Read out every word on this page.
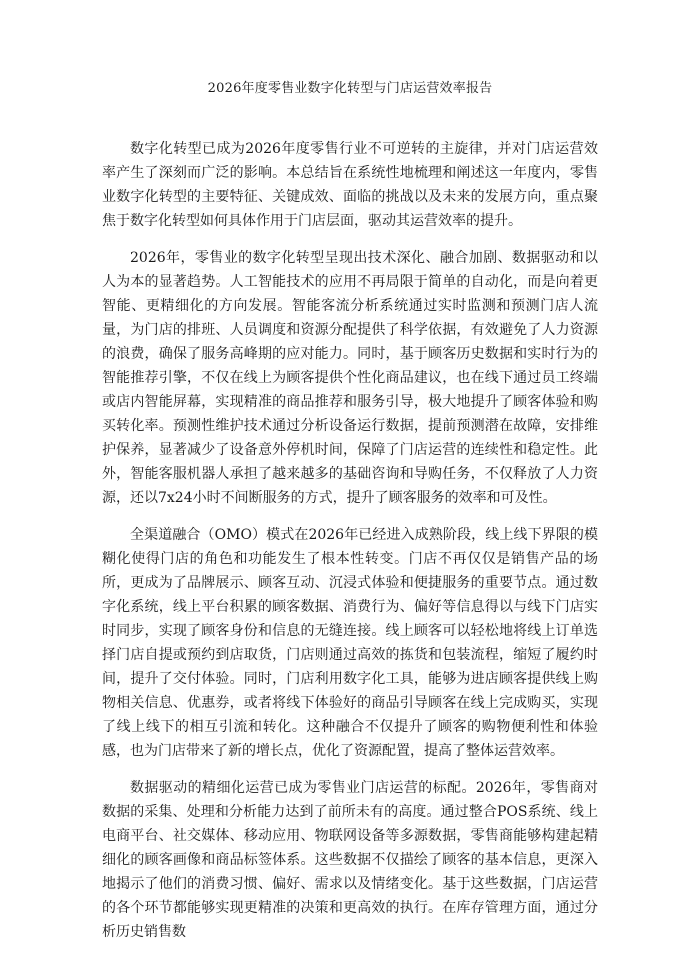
2026年度零售业数字化转型与门店运营效率报告

数字化转型已成为2026年度零售行业不可逆转的主旋律，并对门店运营效率产生了深刻而广泛的影响。本总结旨在系统性地梳理和阐述这一年度内，零售业数字化转型的主要特征、关键成效、面临的挑战以及未来的发展方向，重点聚焦于数字化转型如何具体作用于门店层面，驱动其运营效率的提升。

2026年，零售业的数字化转型呈现出技术深化、融合加剧、数据驱动和以人为本的显著趋势。人工智能技术的应用不再局限于简单的自动化，而是向着更智能、更精细化的方向发展。智能客流分析系统通过实时监测和预测门店人流量，为门店的排班、人员调度和资源分配提供了科学依据，有效避免了人力资源的浪费，确保了服务高峰期的应对能力。同时，基于顾客历史数据和实时行为的智能推荐引擎，不仅在线上为顾客提供个性化商品建议，也在线下通过员工终端或店内智能屏幕，实现精准的商品推荐和服务引导，极大地提升了顾客体验和购买转化率。预测性维护技术通过分析设备运行数据，提前预测潜在故障，安排维护保养，显著减少了设备意外停机时间，保障了门店运营的连续性和稳定性。此外，智能客服机器人承担了越来越多的基础咨询和导购任务，不仅释放了人力资源，还以7x24小时不间断服务的方式，提升了顾客服务的效率和可及性。

全渠道融合（OMO）模式在2026年已经进入成熟阶段，线上线下界限的模糊化使得门店的角色和功能发生了根本性转变。门店不再仅仅是销售产品的场所，更成为了品牌展示、顾客互动、沉浸式体验和便捷服务的重要节点。通过数字化系统，线上平台积累的顾客数据、消费行为、偏好等信息得以与线下门店实时同步，实现了顾客身份和信息的无缝连接。线上顾客可以轻松地将线上订单选择门店自提或预约到店取货，门店则通过高效的拣货和包装流程，缩短了履约时间，提升了交付体验。同时，门店利用数字化工具，能够为进店顾客提供线上购物相关信息、优惠券，或者将线下体验好的商品引导顾客在线上完成购买，实现了线上线下的相互引流和转化。这种融合不仅提升了顾客的购物便利性和体验感，也为门店带来了新的增长点，优化了资源配置，提高了整体运营效率。

数据驱动的精细化运营已成为零售业门店运营的标配。2026年，零售商对数据的采集、处理和分析能力达到了前所未有的高度。通过整合POS系统、线上电商平台、社交媒体、移动应用、物联网设备等多源数据，零售商能够构建起精细化的顾客画像和商品标签体系。这些数据不仅描绘了顾客的基本信息，更深入地揭示了他们的消费习惯、偏好、需求以及情绪变化。基于这些数据，门店运营的各个环节都能够实现更精准的决策和更高效的执行。在库存管理方面，通过分析历史销售数
